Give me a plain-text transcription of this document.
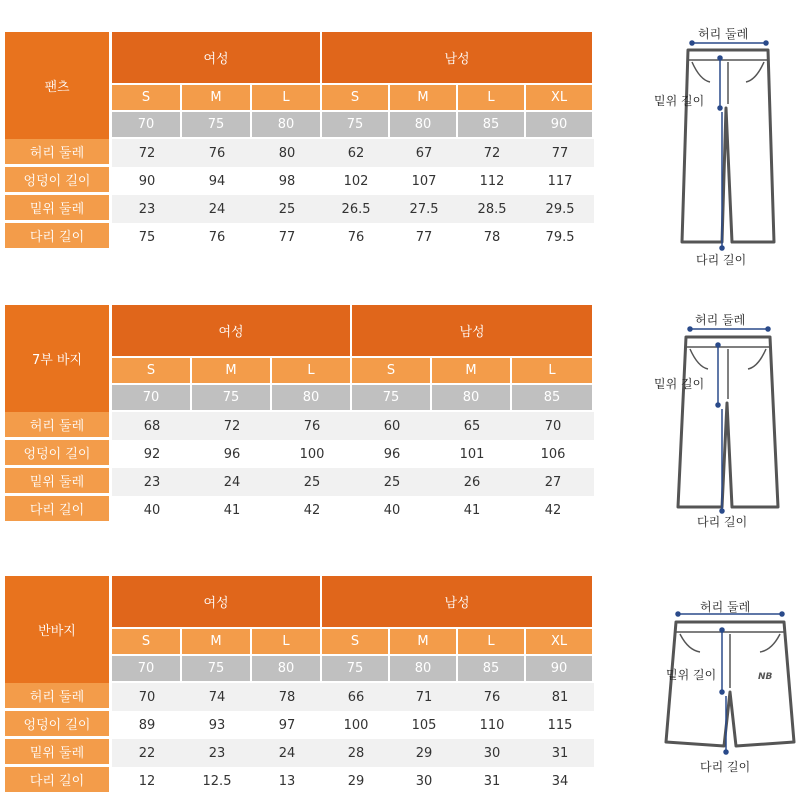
팬츠	여성			남성			
	S	M	L	S	M	L	XL
	70	75	80	75	80	85	90
허리 둘레	72	76	80	62	67	72	77
엉덩이 길이	90	94	98	102	107	112	117
밑위 둘레	23	24	25	26.5	27.5	28.5	29.5
다리 길이	75	76	77	76	77	78	79.5
허리 둘레
밑위 길이
다리 길이
7부 바지	여성			남성		
	S	M	L	S	M	L
	70	75	80	75	80	85
허리 둘레	68	72	76	60	65	70
엉덩이 길이	92	96	100	96	101	106
밑위 둘레	23	24	25	25	26	27
다리 길이	40	41	42	40	41	42
허리 둘레
밑위 길이
다리 길이
반바지	여성			남성			
	S	M	L	S	M	L	XL
	70	75	80	75	80	85	90
허리 둘레	70	74	78	66	71	76	81
엉덩이 길이	89	93	97	100	105	110	115
밑위 둘레	22	23	24	28	29	30	31
다리 길이	12	12.5	13	29	30	31	34
허리 둘레
밑위 길이
다리 길이
NB
